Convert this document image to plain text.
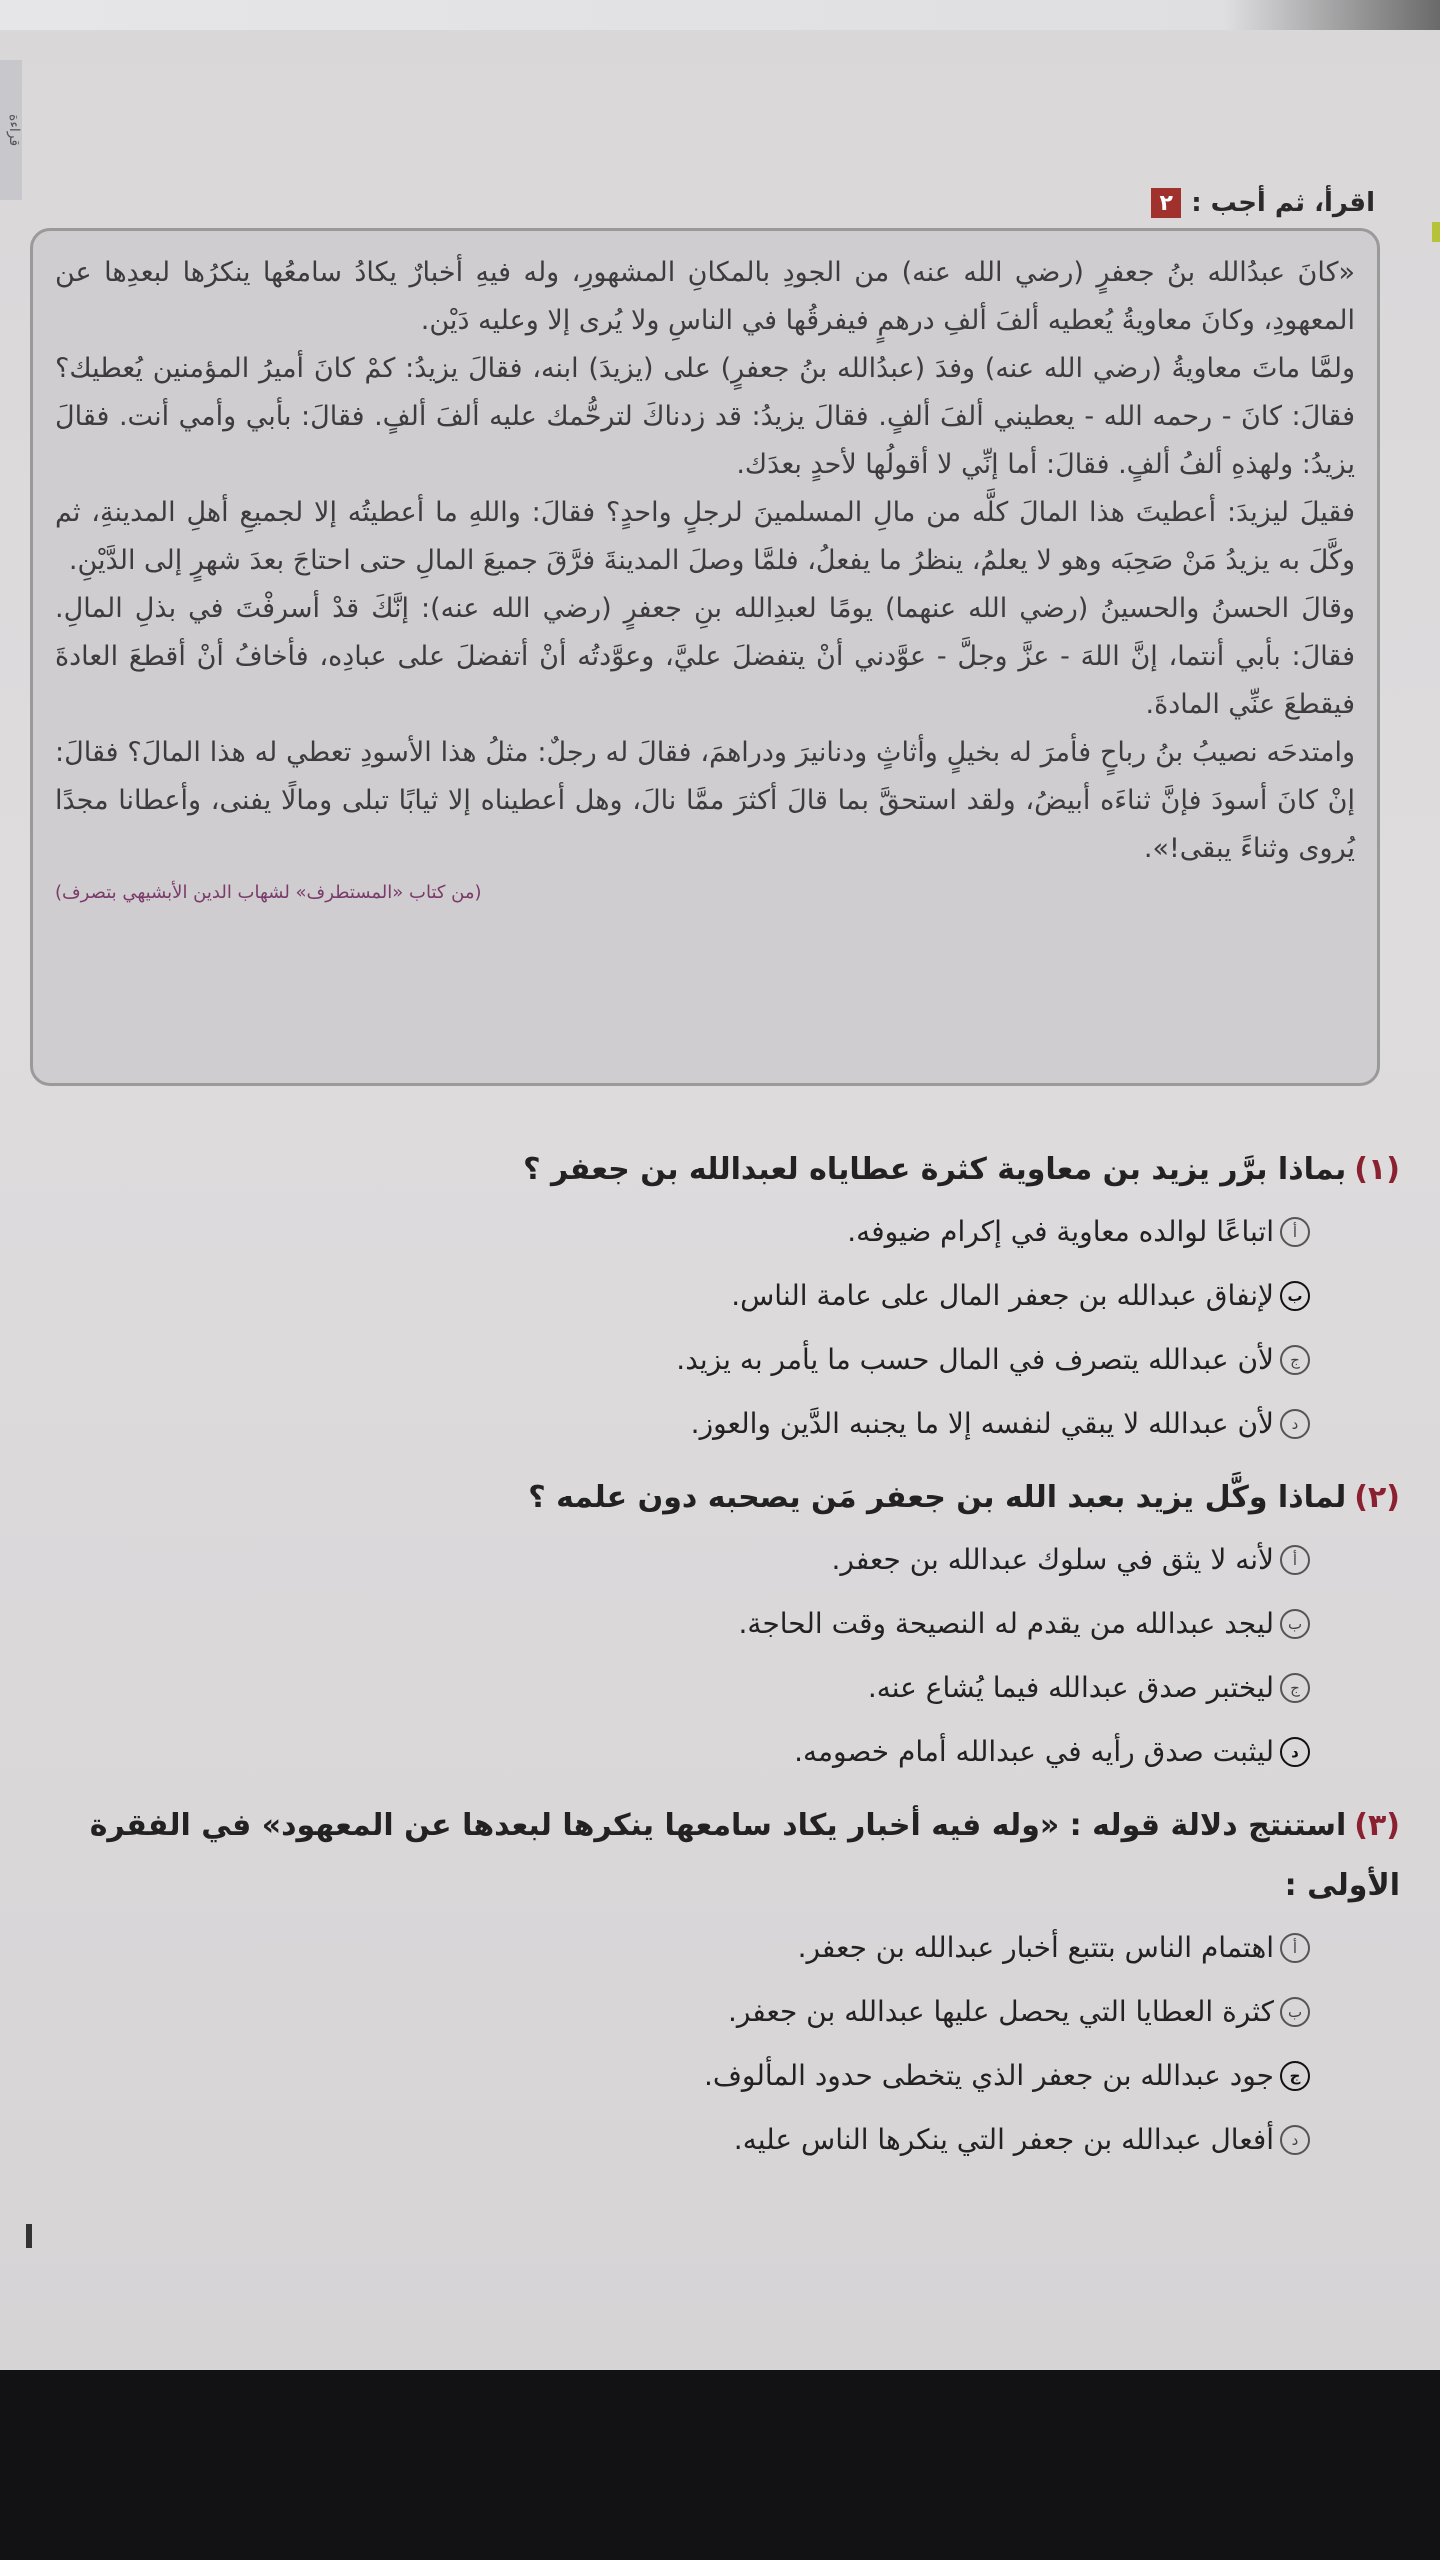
قراءة
٢ اقرأ، ثم أجب :

«كانَ عبدُالله بنُ جعفرٍ (رضي الله عنه) من الجودِ بالمكانِ المشهورِ، وله فيهِ أخبارٌ يكادُ سامعُها ينكرُها لبعدِها عن المعهودِ، وكانَ معاويةُ يُعطيه ألفَ ألفِ درهمٍ فيفرقُها في الناسِ ولا يُرى إلا وعليه دَيْن.

ولمَّا ماتَ معاويةُ (رضي الله عنه) وفدَ (عبدُالله بنُ جعفرٍ) على (يزيدَ) ابنه، فقالَ يزيدُ: كمْ كانَ أميرُ المؤمنين يُعطيك؟ فقالَ: كانَ - رحمه الله - يعطيني ألفَ ألفٍ. فقالَ يزيدُ: قد زدناكَ لترحُّمك عليه ألفَ ألفٍ. فقالَ: بأبي وأمي أنت. فقالَ يزيدُ: ولهذهِ ألفُ ألفٍ. فقالَ: أما إنِّي لا أقولُها لأحدٍ بعدَك.

فقيلَ ليزيدَ: أعطيتَ هذا المالَ كلَّه من مالِ المسلمينَ لرجلٍ واحدٍ؟ فقالَ: واللهِ ما أعطيتُه إلا لجميعِ أهلِ المدينةِ، ثم وكَّلَ به يزيدُ مَنْ صَحِبَه وهو لا يعلمُ، ينظرُ ما يفعلُ، فلمَّا وصلَ المدينةَ فرَّقَ جميعَ المالِ حتى احتاجَ بعدَ شهرٍ إلى الدَّيْنِ.

وقالَ الحسنُ والحسينُ (رضي الله عنهما) يومًا لعبدِالله بنِ جعفرٍ (رضي الله عنه): إنَّكَ قدْ أسرفْتَ في بذلِ المالِ. فقالَ: بأبي أنتما، إنَّ اللهَ - عزَّ وجلَّ - عوَّدني أنْ يتفضلَ عليَّ، وعوَّدتُه أنْ أتفضلَ على عبادِه، فأخافُ أنْ أقطعَ العادةَ فيقطعَ عنِّي المادةَ.

وامتدحَه نصيبُ بنُ رباحٍ فأمرَ له بخيلٍ وأثاثٍ ودنانيرَ ودراهمَ، فقالَ له رجلٌ: مثلُ هذا الأسودِ تعطي له هذا المالَ؟ فقالَ: إنْ كانَ أسودَ فإنَّ ثناءَه أبيضُ، ولقد استحقَّ بما قالَ أكثرَ ممَّا نالَ، وهل أعطيناه إلا ثيابًا تبلى ومالًا يفنى، وأعطانا مجدًا يُروى وثناءً يبقى!».

(من كتاب «المستطرف» لشهاب الدين الأبشيهي بتصرف)

(١)بماذا برَّر يزيد بن معاوية كثرة عطاياه لعبدالله بن جعفر ؟
أ
اتباعًا لوالده معاوية في إكرام ضيوفه.
ب
لإنفاق عبدالله بن جعفر المال على عامة الناس.
ج
لأن عبدالله يتصرف في المال حسب ما يأمر به يزيد.
د
لأن عبدالله لا يبقي لنفسه إلا ما يجنبه الدَّين والعوز.
(٢)لماذا وكَّل يزيد بعبد الله بن جعفر مَن يصحبه دون علمه ؟
أ
لأنه لا يثق في سلوك عبدالله بن جعفر.
ب
ليجد عبدالله من يقدم له النصيحة وقت الحاجة.
ج
ليختبر صدق عبدالله فيما يُشاع عنه.
د
ليثبت صدق رأيه في عبدالله أمام خصومه.
(٣)استنتج دلالة قوله : «وله فيه أخبار يكاد سامعها ينكرها لبعدها عن المعهود» في الفقرة الأولى :
أ
اهتمام الناس بتتبع أخبار عبدالله بن جعفر.
ب
كثرة العطايا التي يحصل عليها عبدالله بن جعفر.
ج
جود عبدالله بن جعفر الذي يتخطى حدود المألوف.
د
أفعال عبدالله بن جعفر التي ينكرها الناس عليه.
